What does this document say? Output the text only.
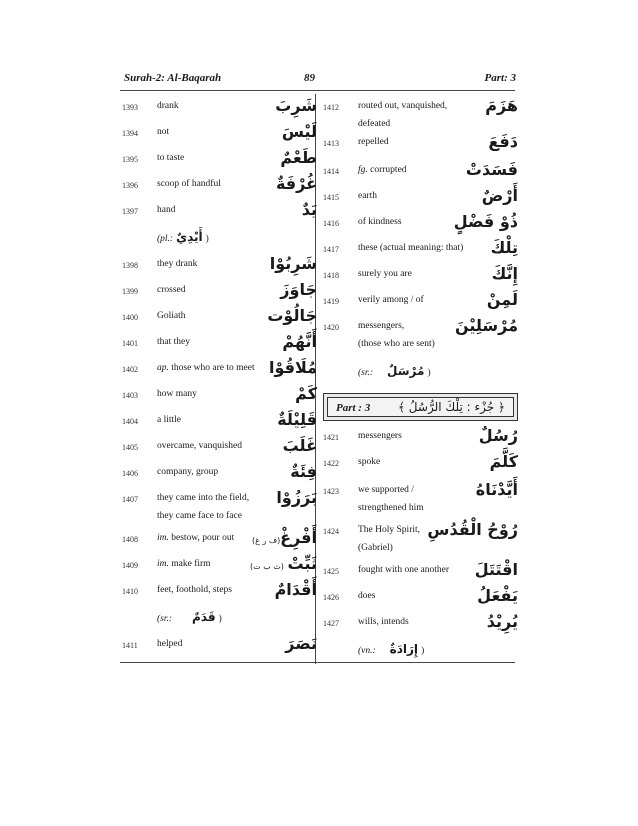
Surah-2: Al-Baqarah	89	Part: 3
1393 drank	شَرِبَ
1394 not	لَيْسَ
1395 to taste	طَعْمٌ
1396 scoop of handful	غُرْفَةٌ
1397 hand	يَدٌ
(pl.: أَيْدِيٌ )
1398 they drank	شَرِبُوْا
1399 crossed	جَاوَزَ
1400 Goliath	جَالُوْت
1401 that they	أَنَّهُمْ
1402 ap. those who are to meet مُلَاقُوْا
1403 how many	كَمْ
1404 a little	قَلِيْلَةٌ
1405 overcame, vanquished	غَلَبَ
1406 company, group	فِئَةٌ
1407 they came into the field,
they came face to face
بَرَزُوْا
1408 im. bestow, pour out (ف ر غ) أَفْرِغْ
1409 im. make firm	(ث ب ت) ثَبِّتْ
1410 feet, foothold, steps	أَقْدَامٌ
(sr.: قَدَمٌ )
1411 helped	نَصَرَ
1412 routed out, vanquished,
defeated
هَزَمَ
1413 repelled	دَفَعَ
1414 fg. corrupted	فَسَدَتْ
1415 earth	أَرْضٌ
1416 of kindness	ذُوْ فَضْلٍ
1417 these (actual meaning: that) تِلْكَ
1418 surely you are	إِنَّكَ
1419 verily among / of	لَمِنْ
1420 messengers,
(those who are sent)
مُرْسَلِيْنَ
(sr.: مُرْسَلٌ )
1421 messengers	رُسُلٌ
1422 spoke	كَلَّمَ
1423 we supported /
strengthened him
أَيَّدْنَاهُ
1424 The Holy Spirit,
(Gabriel)
رُوْحُ الْقُدُسِ
1425 fought with one another اقْتَتَلَ
1426 does	يَفْعَلُ
1427 wills, intends	يُرِيْدُ
(vn.: إِرَادَةٌ )
Part : 3 ﴿ جُزْء : تِلْكَ الرُّسُلُ ﴾
